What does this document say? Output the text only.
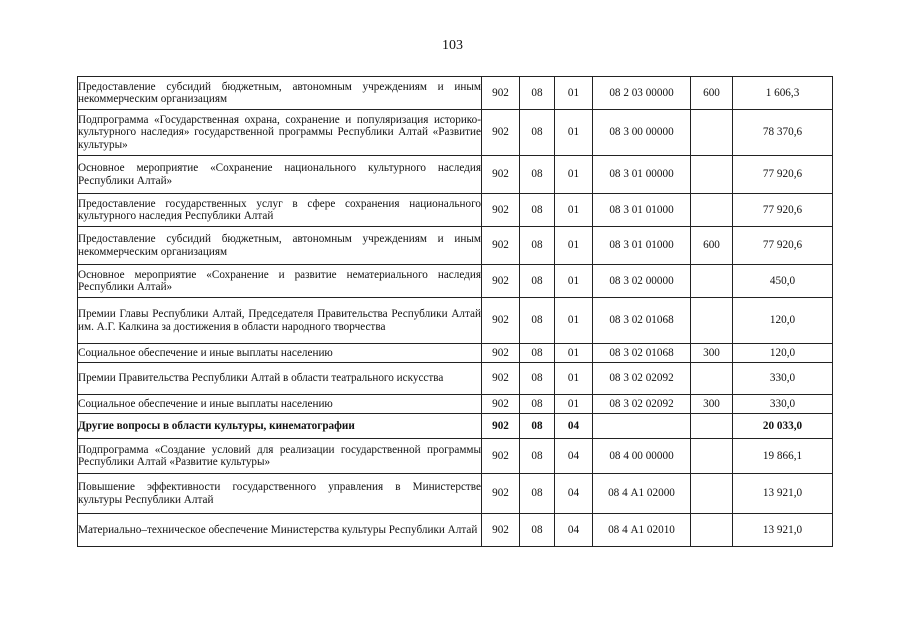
103
Предоставление субсидий бюджетным, автономным учреждениям и иным некоммерческим организациям	902	08	01	08 2 03 00000	600	1 606,3
Подпрограмма «Государственная охрана, сохранение и популяризация историко-культурного наследия» государственной программы Республики Алтай «Развитие культуры»	902	08	01	08 3 00 00000		78 370,6
Основное мероприятие «Сохранение национального культурного наследия Республики Алтай»	902	08	01	08 3 01 00000		77 920,6
Предоставление государственных услуг в сфере сохранения национального культурного наследия Республики Алтай	902	08	01	08 3 01 01000		77 920,6
Предоставление субсидий бюджетным, автономным учреждениям и иным некоммерческим организациям	902	08	01	08 3 01 01000	600	77 920,6
Основное мероприятие «Сохранение и развитие нематериального наследия Республики Алтай»	902	08	01	08 3 02 00000		450,0
Премии Главы Республики Алтай, Председателя Правительства Республики Алтай им. А.Г. Калкина за достижения в области народного творчества	902	08	01	08 3 02 01068		120,0
Социальное обеспечение и иные выплаты населению	902	08	01	08 3 02 01068	300	120,0
Премии Правительства Республики Алтай в области театрального искусства	902	08	01	08 3 02 02092		330,0
Социальное обеспечение и иные выплаты населению	902	08	01	08 3 02 02092	300	330,0
Другие вопросы в области культуры, кинематографии	902	08	04			20 033,0
Подпрограмма «Создание условий для реализации государственной программы Республики Алтай «Развитие культуры»	902	08	04	08 4 00 00000		19 866,1
Повышение эффективности государственного управления в Министерстве культуры Республики Алтай	902	08	04	08 4 А1 02000		13 921,0
Материально–техническое обеспечение Министерства культуры Республики Алтай	902	08	04	08 4 А1 02010		13 921,0
